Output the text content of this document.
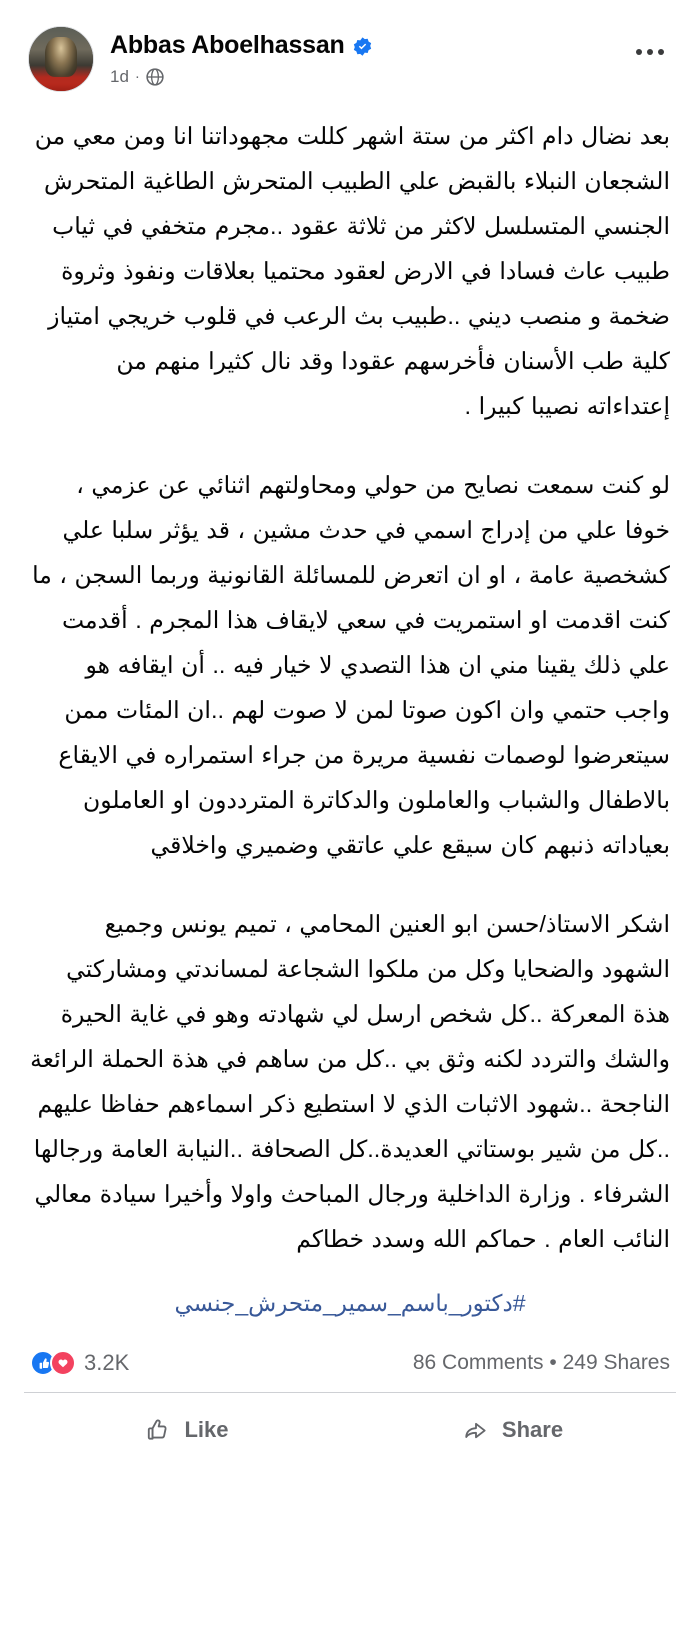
Abbas Aboelhassan
1d ·

بعد نضال دام اكثر من ستة اشهر كللت مجهوداتنا انا ومن معي من الشجعان النبلاء بالقبض علي الطبيب المتحرش الطاغية المتحرش الجنسي المتسلسل لاكثر من ثلاثة عقود ..مجرم متخفي في ثياب طبيب عاث فسادا في الارض لعقود محتميا بعلاقات ونفوذ وثروة ضخمة و منصب ديني ..طبيب بث الرعب في قلوب خريجي امتياز كلية طب الأسنان فأخرسهم عقودا وقد نال كثيرا منهم من إعتداءاته نصيبا كبيرا .

لو كنت سمعت نصايح من حولي ومحاولتهم اثنائي عن عزمي ، خوفا علي من إدراج اسمي في حدث مشين ، قد يؤثر سلبا علي كشخصية عامة ، او ان اتعرض للمسائلة القانونية وربما السجن ، ما كنت اقدمت او استمريت في سعي لايقاف هذا المجرم . أقدمت علي ذلك يقينا مني ان هذا التصدي لا خيار فيه .. أن ايقافه هو واجب حتمي وان اكون صوتا لمن لا صوت لهم ..ان المئات ممن سيتعرضوا لوصمات نفسية مريرة من جراء استمراره في الايقاع بالاطفال والشباب والعاملون والدكاترة المترددون او العاملون بعياداته ذنبهم كان سيقع علي عاتقي وضميري واخلاقي

اشكر الاستاذ/حسن ابو العنين المحامي ، تميم يونس وجميع الشهود والضحايا وكل من ملكوا الشجاعة لمساندتي ومشاركتي هذة المعركة ..كل شخص ارسل لي شهادته وهو في غاية الحيرة والشك والتردد لكنه وثق بي ..كل من ساهم في هذة الحملة الرائعة الناجحة ..شهود الاثبات الذي لا استطيع ذكر اسماءهم حفاظا عليهم ..كل من شير بوستاتي العديدة..كل الصحافة ..النيابة العامة ورجالها الشرفاء . وزارة الداخلية ورجال المباحث واولا وأخيرا سيادة معالي النائب العام . حماكم الله وسدد خطاكم

#دكتور_باسم_سمير_متحرش_جنسي
3.2K	86 Comments • 249 Shares
Like	Share
